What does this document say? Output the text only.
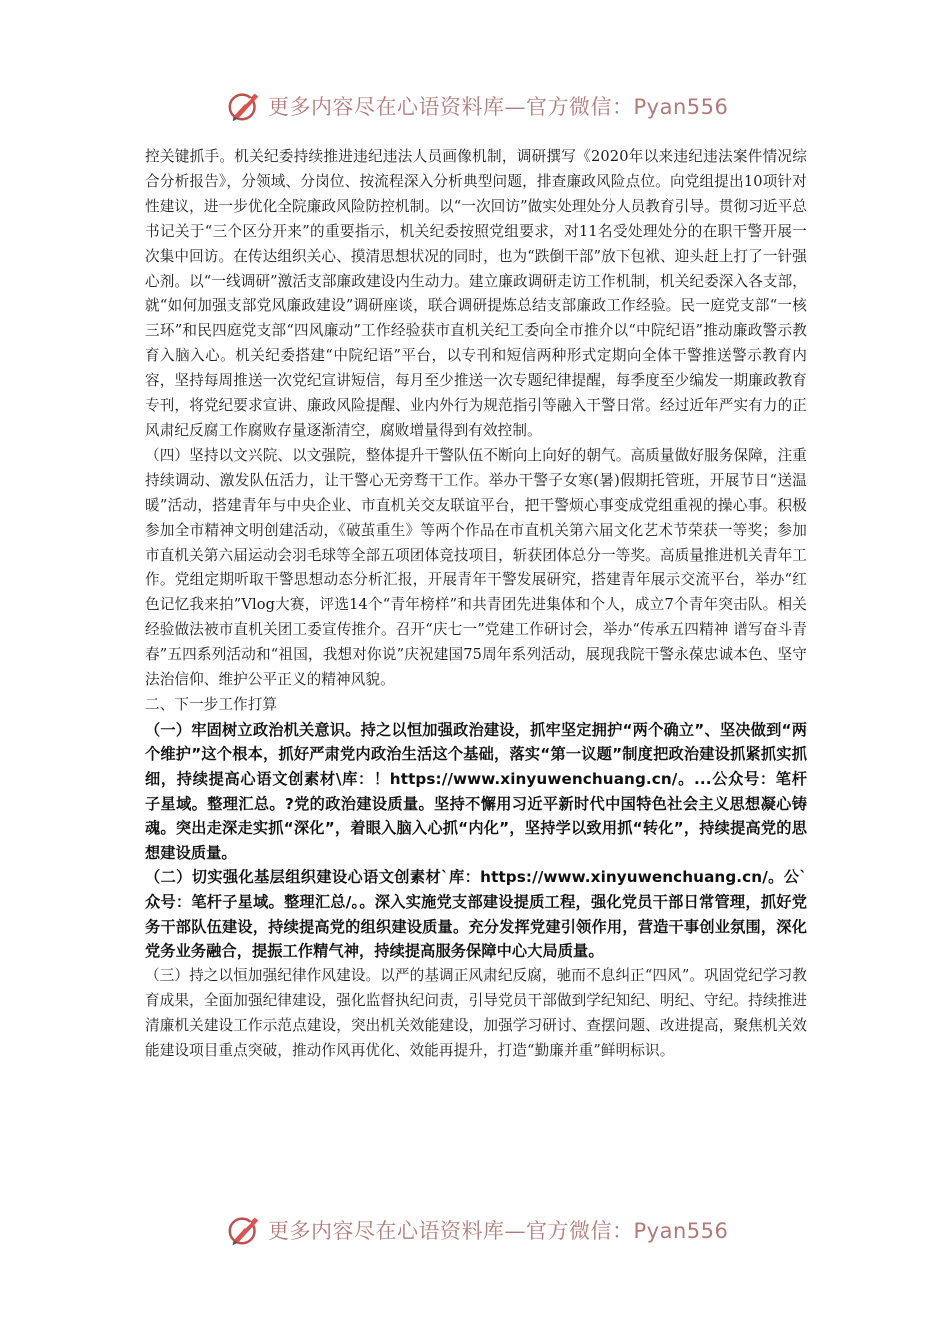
更多内容尽在心语资料库—官方微信：Pyan556

控关键抓手。机关纪委持续推进违纪违法人员画像机制，调研撰写《2020年以来违纪违法案件情况综合分析报告》，分领域、分岗位、按流程深入分析典型问题，排查廉政风险点位。向党组提出10项针对性建议，进一步优化全院廉政风险防控机制。以“一次回访”做实处理处分人员教育引导。贯彻习近平总书记关于“三个区分开来”的重要指示，机关纪委按照党组要求，对11名受处理处分的在职干警开展一次集中回访。在传达组织关心、摸清思想状况的同时，也为“跌倒干部”放下包袱、迎头赶上打了一针强心剂。以“一线调研”激活支部廉政建设内生动力。建立廉政调研走访工作机制，机关纪委深入各支部，就“如何加强支部党风廉政建设”调研座谈，联合调研提炼总结支部廉政工作经验。民一庭党支部“一核三环”和民四庭党支部“四风廉动”工作经验获市直机关纪工委向全市推介以“中院纪语”推动廉政警示教育入脑入心。机关纪委搭建“中院纪语”平台，以专刊和短信两种形式定期向全体干警推送警示教育内容，坚持每周推送一次党纪宣讲短信，每月至少推送一次专题纪律提醒，每季度至少编发一期廉政教育专刊，将党纪要求宣讲、廉政风险提醒、业内外行为规范指引等融入干警日常。经过近年严实有力的正风肃纪反腐工作腐败存量逐渐清空，腐败增量得到有效控制。

（四）坚持以文兴院、以文强院，整体提升干警队伍不断向上向好的朝气。高质量做好服务保障，注重持续调动、激发队伍活力，让干警心无旁骛干工作。举办干警子女寒(暑)假期托管班，开展节日“送温暖”活动，搭建青年与中央企业、市直机关交友联谊平台，把干警烦心事变成党组重视的操心事。积极参加全市精神文明创建活动，《破茧重生》等两个作品在市直机关第六届文化艺术节荣获一等奖；参加市直机关第六届运动会羽毛球等全部五项团体竞技项目，斩获团体总分一等奖。高质量推进机关青年工作。党组定期听取干警思想动态分析汇报，开展青年干警发展研究，搭建青年展示交流平台，举办“红色记忆我来拍”Vlog大赛，评选14个“青年榜样”和共青团先进集体和个人，成立7个青年突击队。相关经验做法被市直机关团工委宣传推介。召开“庆七一”党建工作研讨会，举办“传承五四精神 谱写奋斗青春”五四系列活动和“祖国，我想对你说”庆祝建国75周年系列活动，展现我院干警永葆忠诚本色、坚守法治信仰、维护公平正义的精神风貌。

二、下一步工作打算

（一）牢固树立政治机关意识。持之以恒加强政治建设，抓牢坚定拥护“两个确立”、坚决做到“两个维护”这个根本，抓好严肃党内政治生活这个基础，落实“第一议题”制度把政治建设抓紧抓实抓细，持续提高心语文创素材\库：！https://www.xinyuwenchuang.cn/。...公众号：笔杆子星域。整理汇总。?党的政治建设质量。坚持不懈用习近平新时代中国特色社会主义思想凝心铸魂。突出走深走实抓“深化”，着眼入脑入心抓“内化”，坚持学以致用抓“转化”，持续提高党的思想建设质量。

（二）切实强化基层组织建设心语文创素材`库：https://www.xinyuwenchuang.cn/。公`众号：笔杆子星域。整理汇总/。。深入实施党支部建设提质工程，强化党员干部日常管理，抓好党务干部队伍建设，持续提高党的组织建设质量。充分发挥党建引领作用，营造干事创业氛围，深化党务业务融合，提振工作精气神，持续提高服务保障中心大局质量。

（三）持之以恒加强纪律作风建设。以严的基调正风肃纪反腐，驰而不息纠正“四风”。巩固党纪学习教育成果，全面加强纪律建设，强化监督执纪问责，引导党员干部做到学纪知纪、明纪、守纪。持续推进清廉机关建设工作示范点建设，突出机关效能建设，加强学习研讨、查摆问题、改进提高，聚焦机关效能建设项目重点突破，推动作风再优化、效能再提升，打造“勤廉并重”鲜明标识。

更多内容尽在心语资料库—官方微信：Pyan556
